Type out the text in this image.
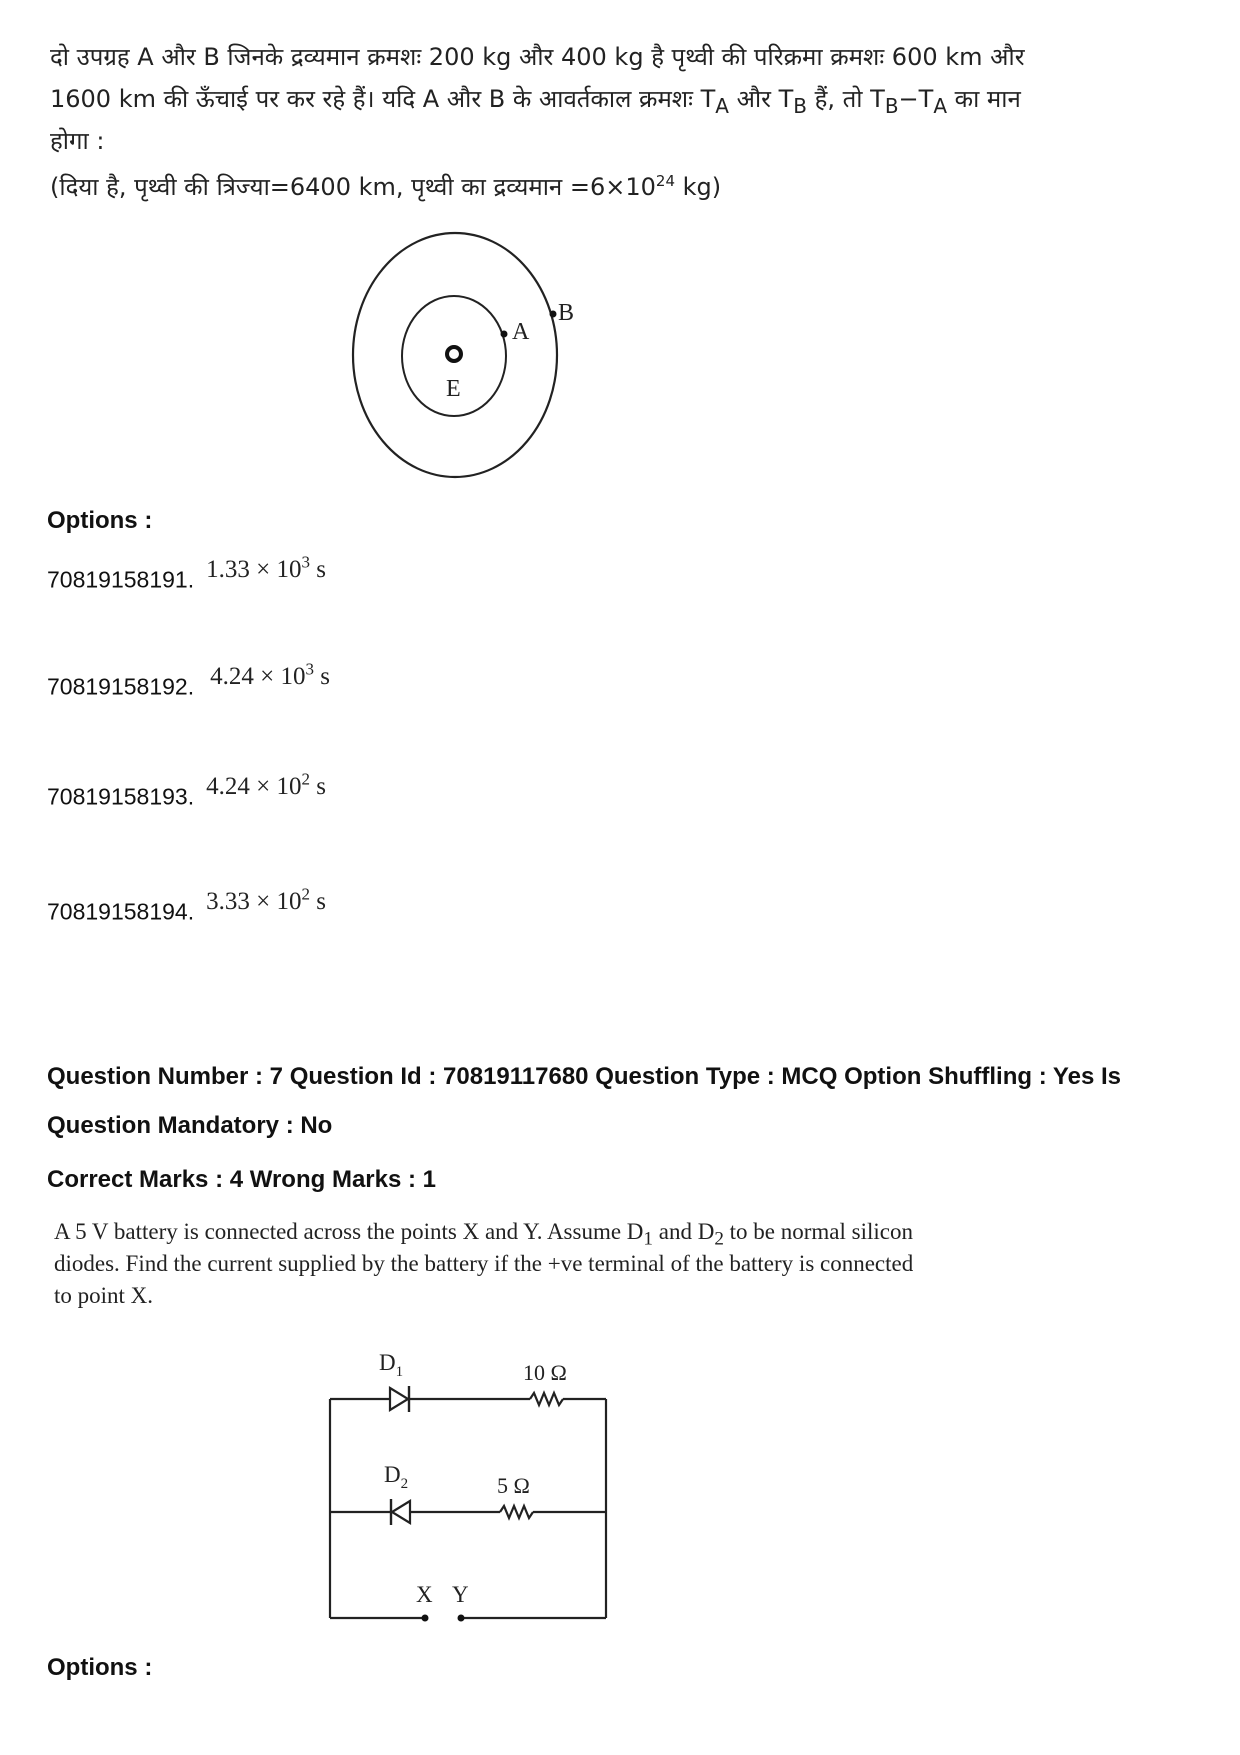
दो उपग्रह A और B जिनके द्रव्यमान क्रमशः 200 kg और 400 kg है पृथ्वी की परिक्रमा क्रमशः 600 km और
1600 km की ऊँचाई पर कर रहे हैं। यदि A और B के आवर्तकाल क्रमशः $T_A$ और $T_B$ हैं, तो $T_B-T_A$ का मान
होगा :
(दिया है, पृथ्वी की त्रिज्या=6400 km, पृथ्वी का द्रव्यमान $=6\times 10^{24}$ kg)
A
B
E
Options :
70819158191. $1.33 \times 10^3$ s
70819158192. $4.24 \times 10^3$ s
70819158193. $4.24 \times 10^2$ s
70819158194. $3.33 \times 10^2$ s
Question Number : 7 Question Id : 70819117680 Question Type : MCQ Option Shuffling : Yes Is
Question Mandatory : No
Correct Marks : 4 Wrong Marks : 1
A 5 V battery is connected across the points X and Y. Assume $D_1$ and $D_2$ to be normal silicon
diodes. Find the current supplied by the battery if the +ve terminal of the battery is connected
to point X.
$D_1$	10 Ω
$D_2$	5 Ω
X Y
Options :
